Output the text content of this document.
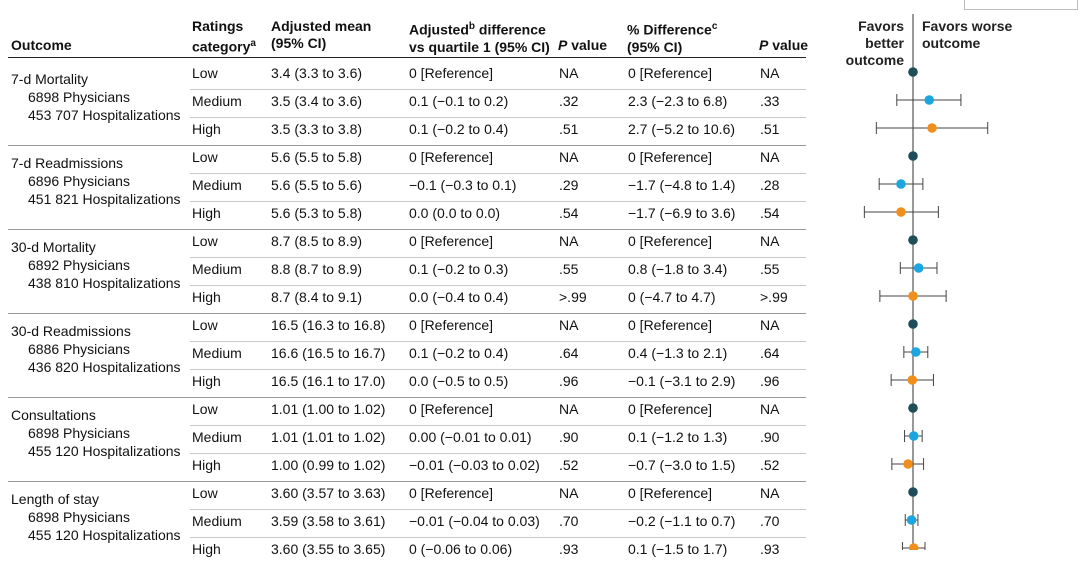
Outcome
Ratings
category$^a$
Adjusted mean
(95% CI)
Adjusted$^b$ difference
vs quartile 1 (95% CI) P value
% Difference$^c$
(95% CI)	P value
Favors better
outcome
Favors worse
outcome
7-d Mortality
6898 Physicians
453 707 Hospitalizations
Low	3.4 (3.3 to 3.6)	0 [Reference]	NA	0 [Reference]	NA
Medium 3.5 (3.4 to 3.6)	0.1 (−0.1 to 0.2)	.32	2.3 (−2.3 to 6.8) .33
High	3.5 (3.3 to 3.8)	0.1 (−0.2 to 0.4)	.51	2.7 (−5.2 to 10.6) .51
7-d Readmissions
6896 Physicians
451 821 Hospitalizations
Low	5.6 (5.5 to 5.8)	0 [Reference]	NA	0 [Reference]	NA
Medium 5.6 (5.5 to 5.6)	−0.1 (−0.3 to 0.1)	.29	−1.7 (−4.8 to 1.4) .28
High	5.6 (5.3 to 5.8)	0.0 (0.0 to 0.0)	.54	−1.7 (−6.9 to 3.6) .54
30-d Mortality
6892 Physicians
438 810 Hospitalizations
Low	8.7 (8.5 to 8.9)	0 [Reference]	NA	0 [Reference]	NA
Medium 8.8 (8.7 to 8.9)	0.1 (−0.2 to 0.3)	.55	0.8 (−1.8 to 3.4) .55
High	8.7 (8.4 to 9.1)	0.0 (−0.4 to 0.4)	>.99	0 (−4.7 to 4.7)	>.99
30-d Readmissions
6886 Physicians
436 820 Hospitalizations
Low	16.5 (16.3 to 16.8) 0 [Reference]	NA	0 [Reference]	NA
Medium 16.6 (16.5 to 16.7) 0.1 (−0.2 to 0.4)	.64	0.4 (−1.3 to 2.1) .64
High	16.5 (16.1 to 17.0) 0.0 (−0.5 to 0.5)	.96	−0.1 (−3.1 to 2.9) .96
Consultations
6898 Physicians
455 120 Hospitalizations
Low	1.01 (1.00 to 1.02) 0 [Reference]	NA	0 [Reference]	NA
Medium 1.01 (1.01 to 1.02) 0.00 (−0.01 to 0.01) .90	0.1 (−1.2 to 1.3) .90
High	1.00 (0.99 to 1.02) −0.01 (−0.03 to 0.02) .52	−0.7 (−3.0 to 1.5) .52
Length of stay
6898 Physicians
455 120 Hospitalizations
Low	3.60 (3.57 to 3.63) 0 [Reference]	NA	0 [Reference]	NA
Medium 3.59 (3.58 to 3.61) −0.01 (−0.04 to 0.03) .70	−0.2 (−1.1 to 0.7) .70
High	3.60 (3.55 to 3.65) 0 (−0.06 to 0.06)	.93	0.1 (−1.5 to 1.7) .93
